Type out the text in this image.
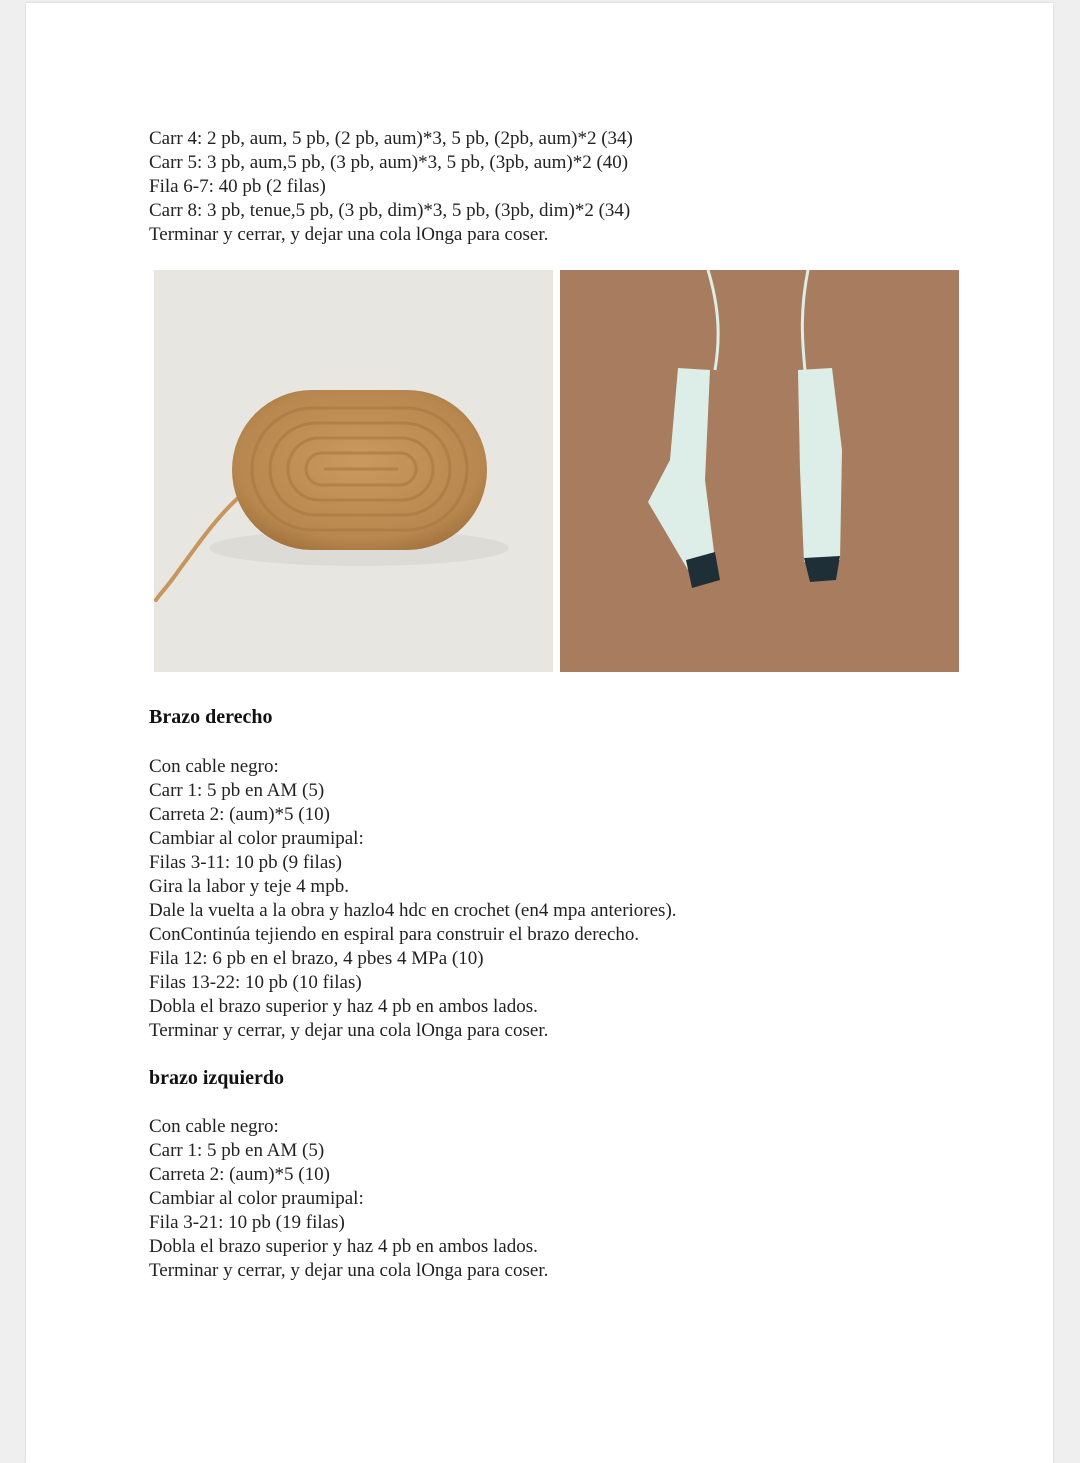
Carr 4: 2 pb, aum, 5 pb, (2 pb, aum)*3, 5 pb, (2pb, aum)*2 (34)
Carr 5: 3 pb, aum,5 pb, (3 pb, aum)*3, 5 pb, (3pb, aum)*2 (40)
Fila 6-7: 40 pb (2 filas)
Carr 8: 3 pb, tenue,5 pb, (3 pb, dim)*3, 5 pb, (3pb, dim)*2 (34)
Terminar y cerrar, y dejar una cola lOnga para coser.
Brazo derecho
Con cable negro:
Carr 1: 5 pb en AM (5)
Carreta 2: (aum)*5 (10)
Cambiar al color praumipal:
Filas 3-11: 10 pb (9 filas)
Gira la labor y teje 4 mpb.
Dale la vuelta a la obra y hazlo4 hdc en crochet (en4 mpa anteriores).
ConContinúa tejiendo en espiral para construir el brazo derecho.
Fila 12: 6 pb en el brazo, 4 pbes 4 MPa (10)
Filas 13-22: 10 pb (10 filas)
Dobla el brazo superior y haz 4 pb en ambos lados.
Terminar y cerrar, y dejar una cola lOnga para coser.
brazo izquierdo
Con cable negro:
Carr 1: 5 pb en AM (5)
Carreta 2: (aum)*5 (10)
Cambiar al color praumipal:
Fila 3-21: 10 pb (19 filas)
Dobla el brazo superior y haz 4 pb en ambos lados.
Terminar y cerrar, y dejar una cola lOnga para coser.
